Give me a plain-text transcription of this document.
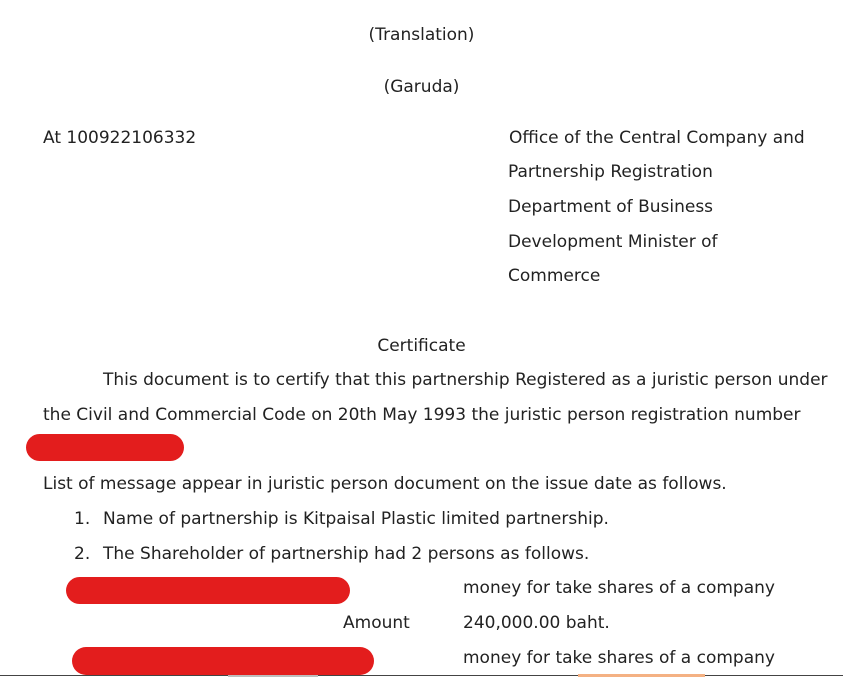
(Translation)
(Garuda)
At 100922106332	Office of the Central Company and
Partnership Registration
Department of Business
Development Minister of
Commerce
Certificate
This document is to certify that this partnership Registered as a juristic person under
the Civil and Commercial Code on 20th May 1993 the juristic person registration number
List of message appear in juristic person document on the issue date as follows.
1. Name of partnership is Kitpaisal Plastic limited partnership.
2. The Shareholder of partnership had 2 persons as follows.
money for take shares of a company
Amount	240,000.00 baht.
money for take shares of a company
